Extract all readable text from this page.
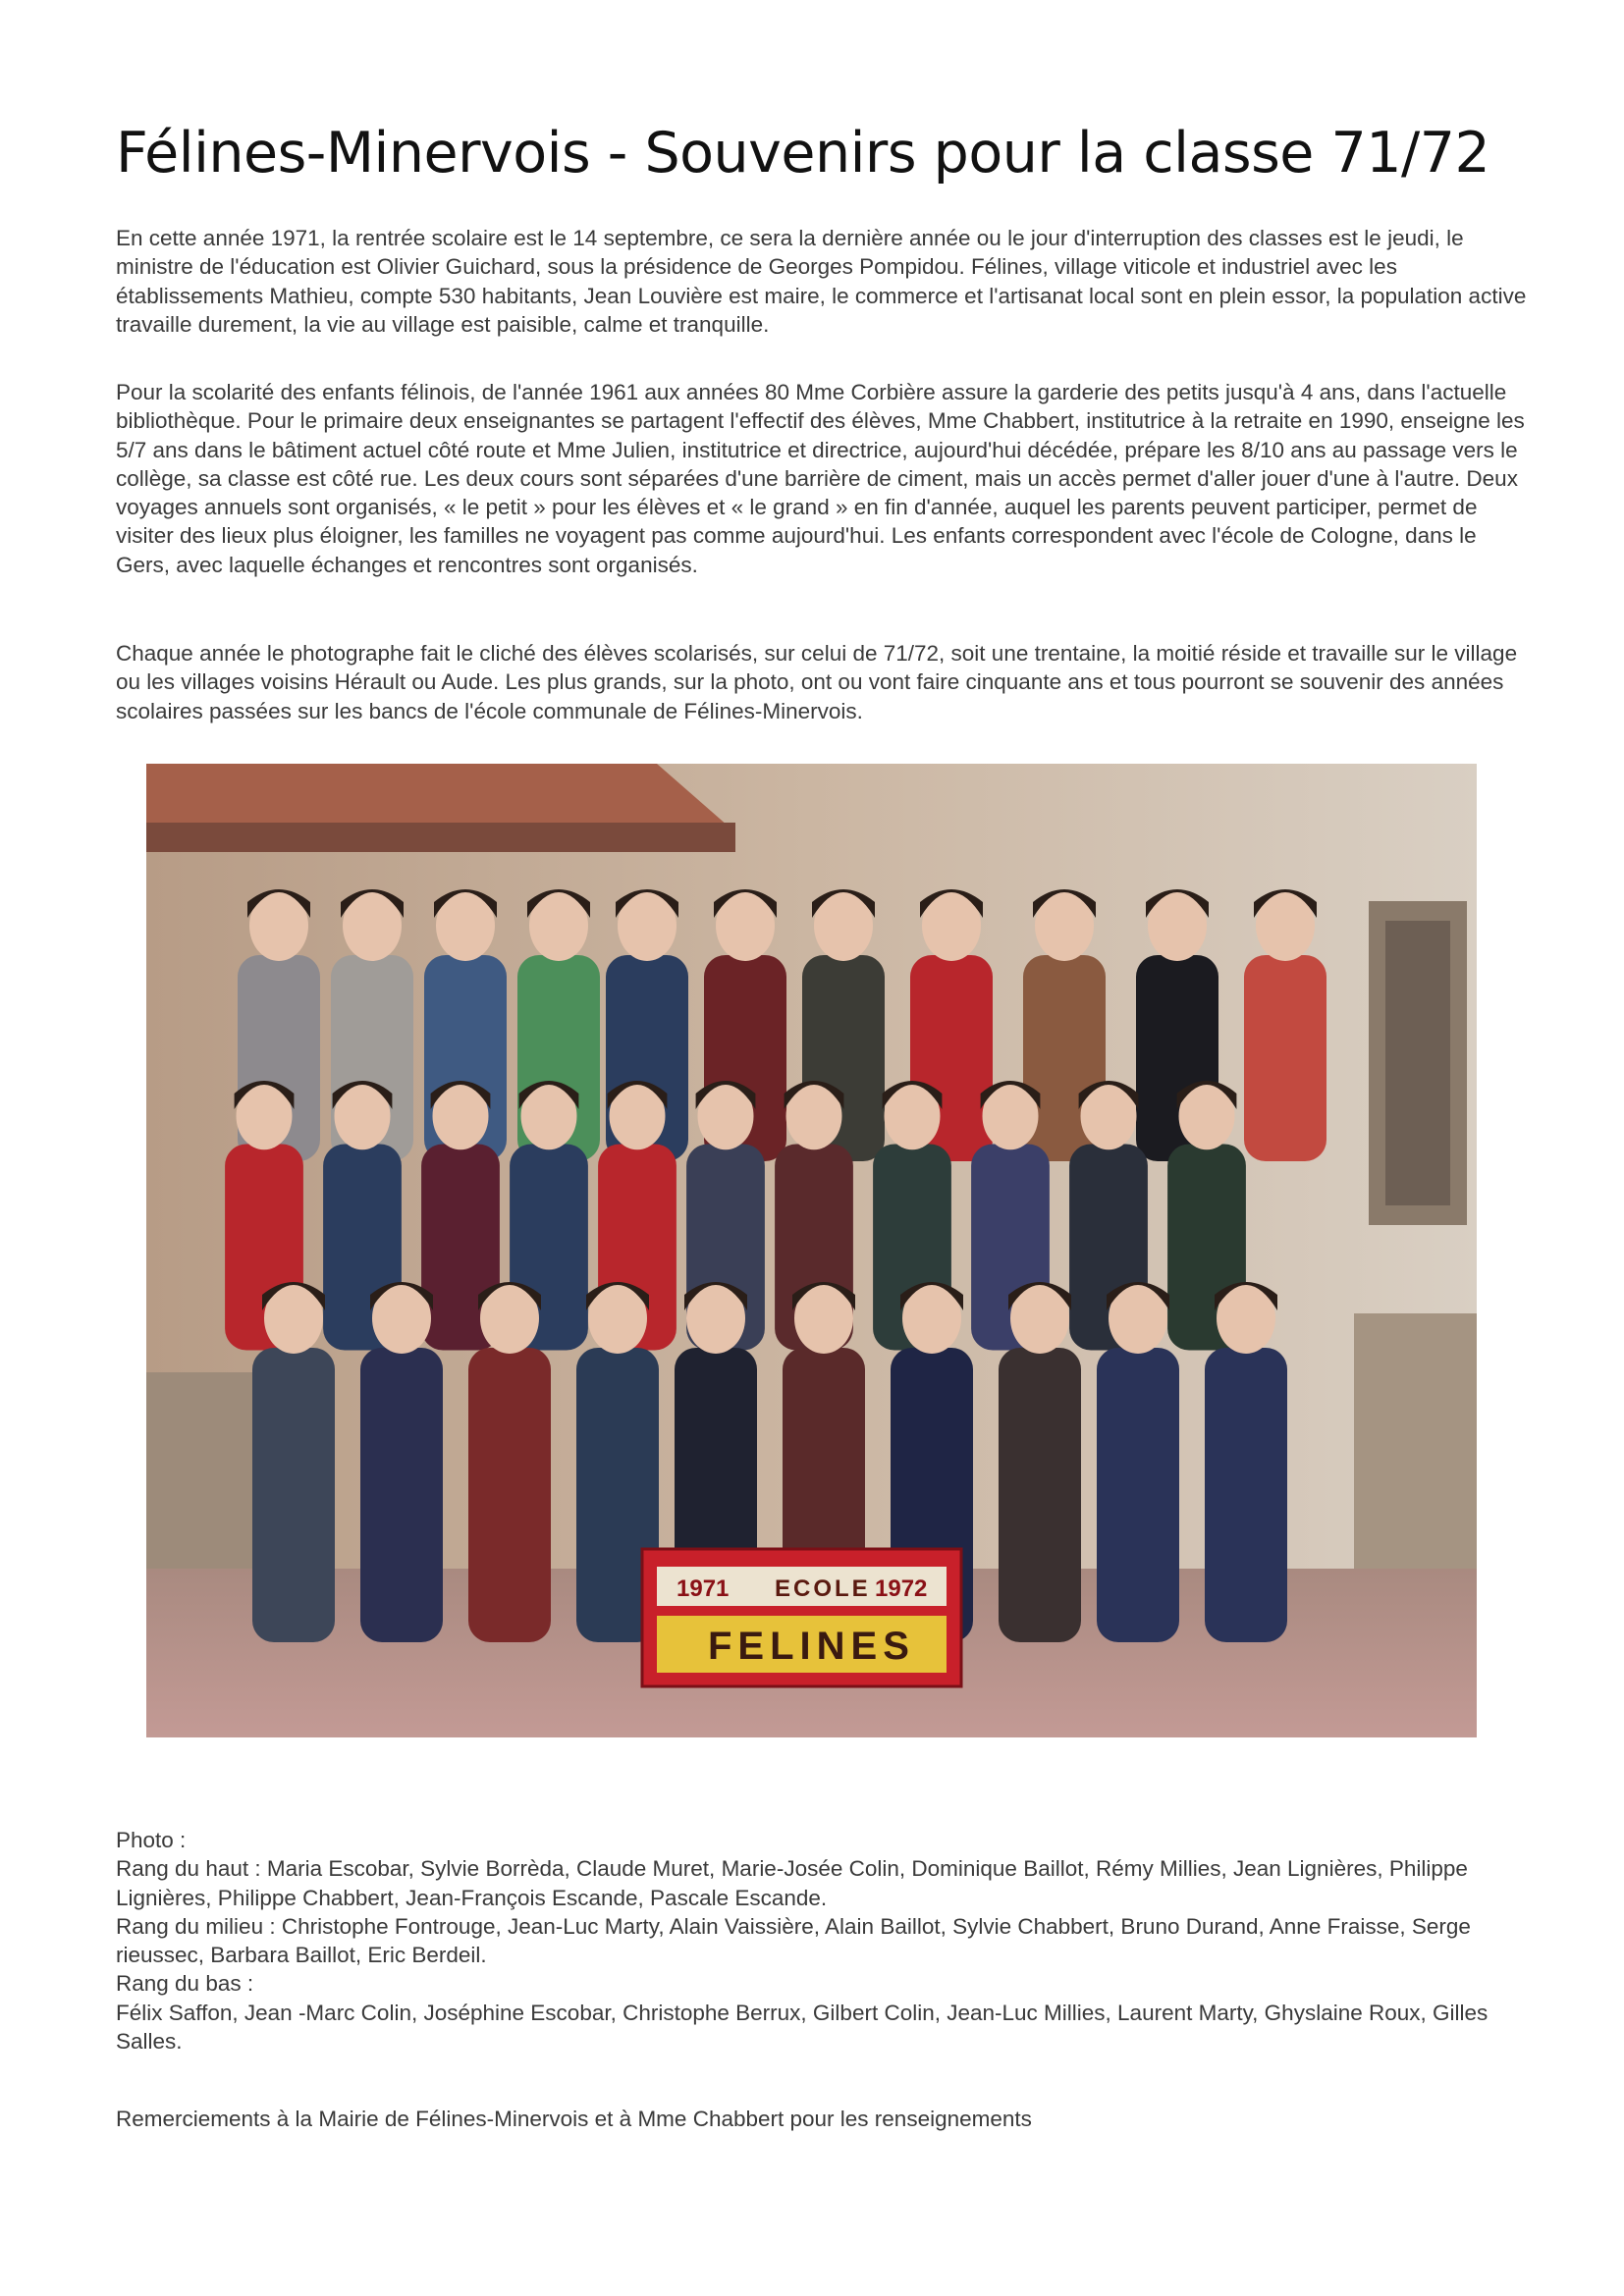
Félines-Minervois - Souvenirs pour la classe 71/72

En cette année 1971, la rentrée scolaire est le 14 septembre, ce sera la dernière année ou le jour d'interruption des classes est le jeudi, le ministre de l'éducation est Olivier Guichard, sous la présidence de Georges Pompidou. Félines, village viticole et industriel avec les établissements Mathieu, compte 530 habitants, Jean Louvière est maire, le commerce et l'artisanat local sont en plein essor, la population active travaille durement, la vie au village est paisible, calme et tranquille.

Pour la scolarité des enfants félinois, de l'année 1961 aux années 80 Mme Corbière assure la garderie des petits jusqu'à 4 ans, dans l'actuelle bibliothèque. Pour le primaire deux enseignantes se partagent l'effectif des élèves, Mme Chabbert, institutrice à la retraite en 1990, enseigne les 5/7 ans dans le bâtiment actuel côté route et Mme Julien, institutrice et directrice, aujourd'hui décédée, prépare les 8/10 ans au passage vers le collège, sa classe est côté rue. Les deux cours sont séparées d'une barrière de ciment, mais un accès permet d'aller jouer d'une à l'autre. Deux voyages annuels sont organisés, « le petit » pour les élèves et « le grand » en fin d'année, auquel les parents peuvent participer, permet de visiter des lieux plus éloigner, les familles ne voyagent pas comme aujourd'hui. Les enfants correspondent avec l'école de Cologne, dans le Gers, avec laquelle échanges et rencontres sont organisés.

Chaque année le photographe fait le cliché des élèves scolarisés, sur celui de 71/72, soit une trentaine, la moitié réside et travaille sur le village ou les villages voisins Hérault ou Aude. Les plus grands, sur la photo, ont ou vont faire cinquante ans et tous pourront se souvenir des années scolaires passées sur les bancs de l'école communale de Félines-Minervois.

1971 ECOLE 1972
FELINES
Photo :
Rang du haut : Maria Escobar, Sylvie Borrèda, Claude Muret, Marie-Josée Colin, Dominique Baillot, Rémy Millies, Jean Lignières, Philippe Lignières, Philippe Chabbert, Jean-François Escande, Pascale Escande.
Rang du milieu : Christophe Fontrouge, Jean-Luc Marty, Alain Vaissière, Alain Baillot, Sylvie Chabbert, Bruno Durand, Anne Fraisse, Serge rieussec, Barbara Baillot, Eric Berdeil.
Rang du bas :
Félix Saffon, Jean -Marc Colin, Joséphine Escobar, Christophe Berrux, Gilbert Colin, Jean-Luc Millies, Laurent Marty, Ghyslaine Roux, Gilles Salles.
Remerciements à la Mairie de Félines-Minervois et à Mme Chabbert pour les renseignements
